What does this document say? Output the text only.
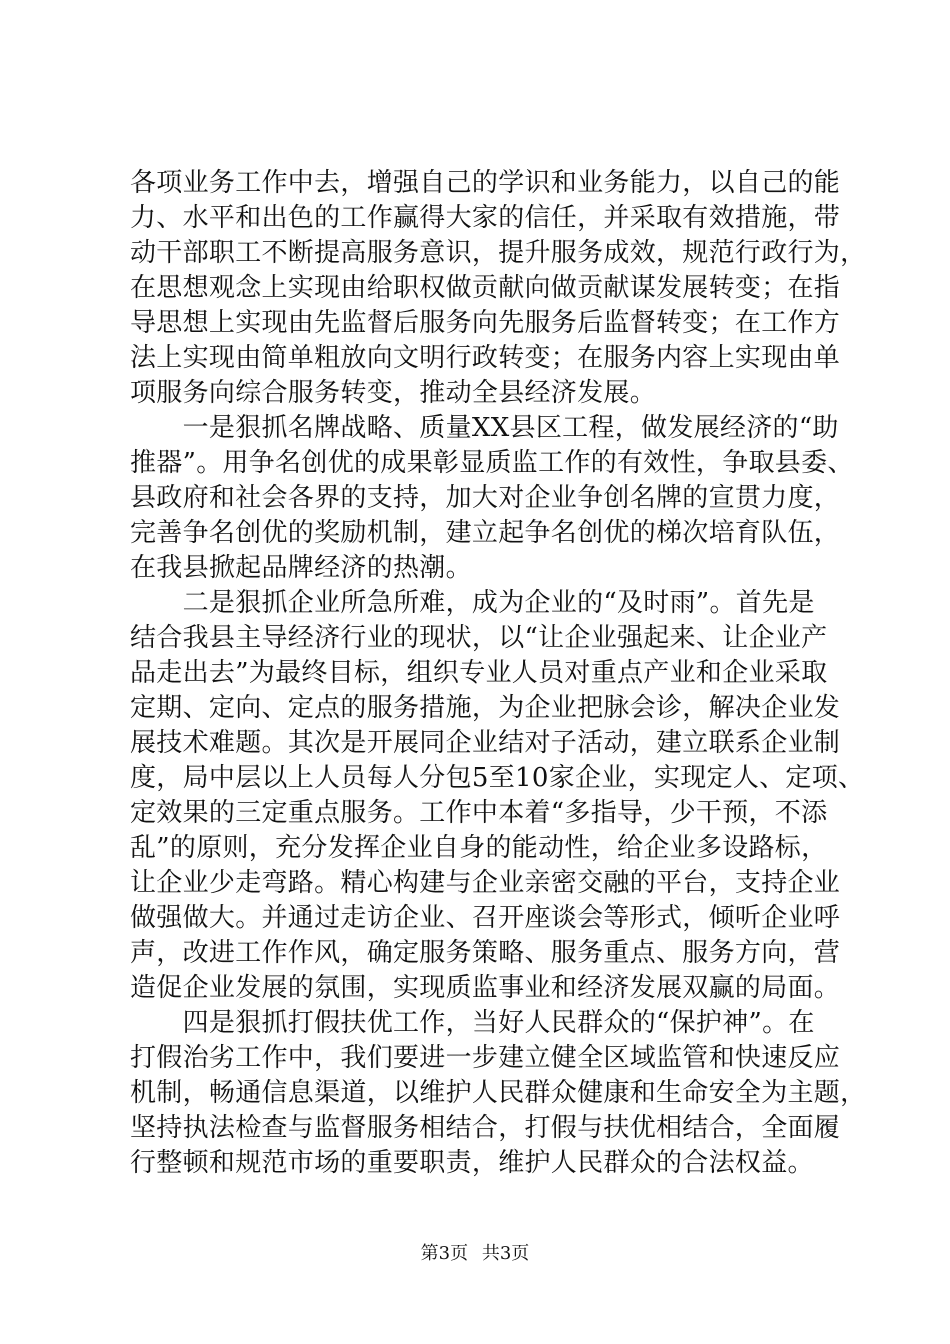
各项业务工作中去，增强自己的学识和业务能力，以自己的能
力、水平和出色的工作赢得大家的信任，并采取有效措施，带
动干部职工不断提高服务意识，提升服务成效，规范行政行为，
在思想观念上实现由给职权做贡献向做贡献谋发展转变；在指
导思想上实现由先监督后服务向先服务后监督转变；在工作方
法上实现由简单粗放向文明行政转变；在服务内容上实现由单
项服务向综合服务转变，推动全县经济发展。
　　一是狠抓名牌战略、质量XX县区工程，做发展经济的“助
推器”。用争名创优的成果彰显质监工作的有效性，争取县委、
县政府和社会各界的支持，加大对企业争创名牌的宣贯力度，
完善争名创优的奖励机制，建立起争名创优的梯次培育队伍，
在我县掀起品牌经济的热潮。
　　二是狠抓企业所急所难，成为企业的“及时雨”。首先是
结合我县主导经济行业的现状，以“让企业强起来、让企业产
品走出去”为最终目标，组织专业人员对重点产业和企业采取
定期、定向、定点的服务措施，为企业把脉会诊，解决企业发
展技术难题。其次是开展同企业结对子活动，建立联系企业制
度，局中层以上人员每人分包5至10家企业，实现定人、定项、
定效果的三定重点服务。工作中本着“多指导，少干预，不添
乱”的原则，充分发挥企业自身的能动性，给企业多设路标，
让企业少走弯路。精心构建与企业亲密交融的平台，支持企业
做强做大。并通过走访企业、召开座谈会等形式，倾听企业呼
声，改进工作作风，确定服务策略、服务重点、服务方向，营
造促企业发展的氛围，实现质监事业和经济发展双赢的局面。
　　四是狠抓打假扶优工作，当好人民群众的“保护神”。在
打假治劣工作中，我们要进一步建立健全区域监管和快速反应
机制，畅通信息渠道，以维护人民群众健康和生命安全为主题，
坚持执法检查与监督服务相结合，打假与扶优相结合，全面履
行整顿和规范市场的重要职责，维护人民群众的合法权益。
第3页 共3页
